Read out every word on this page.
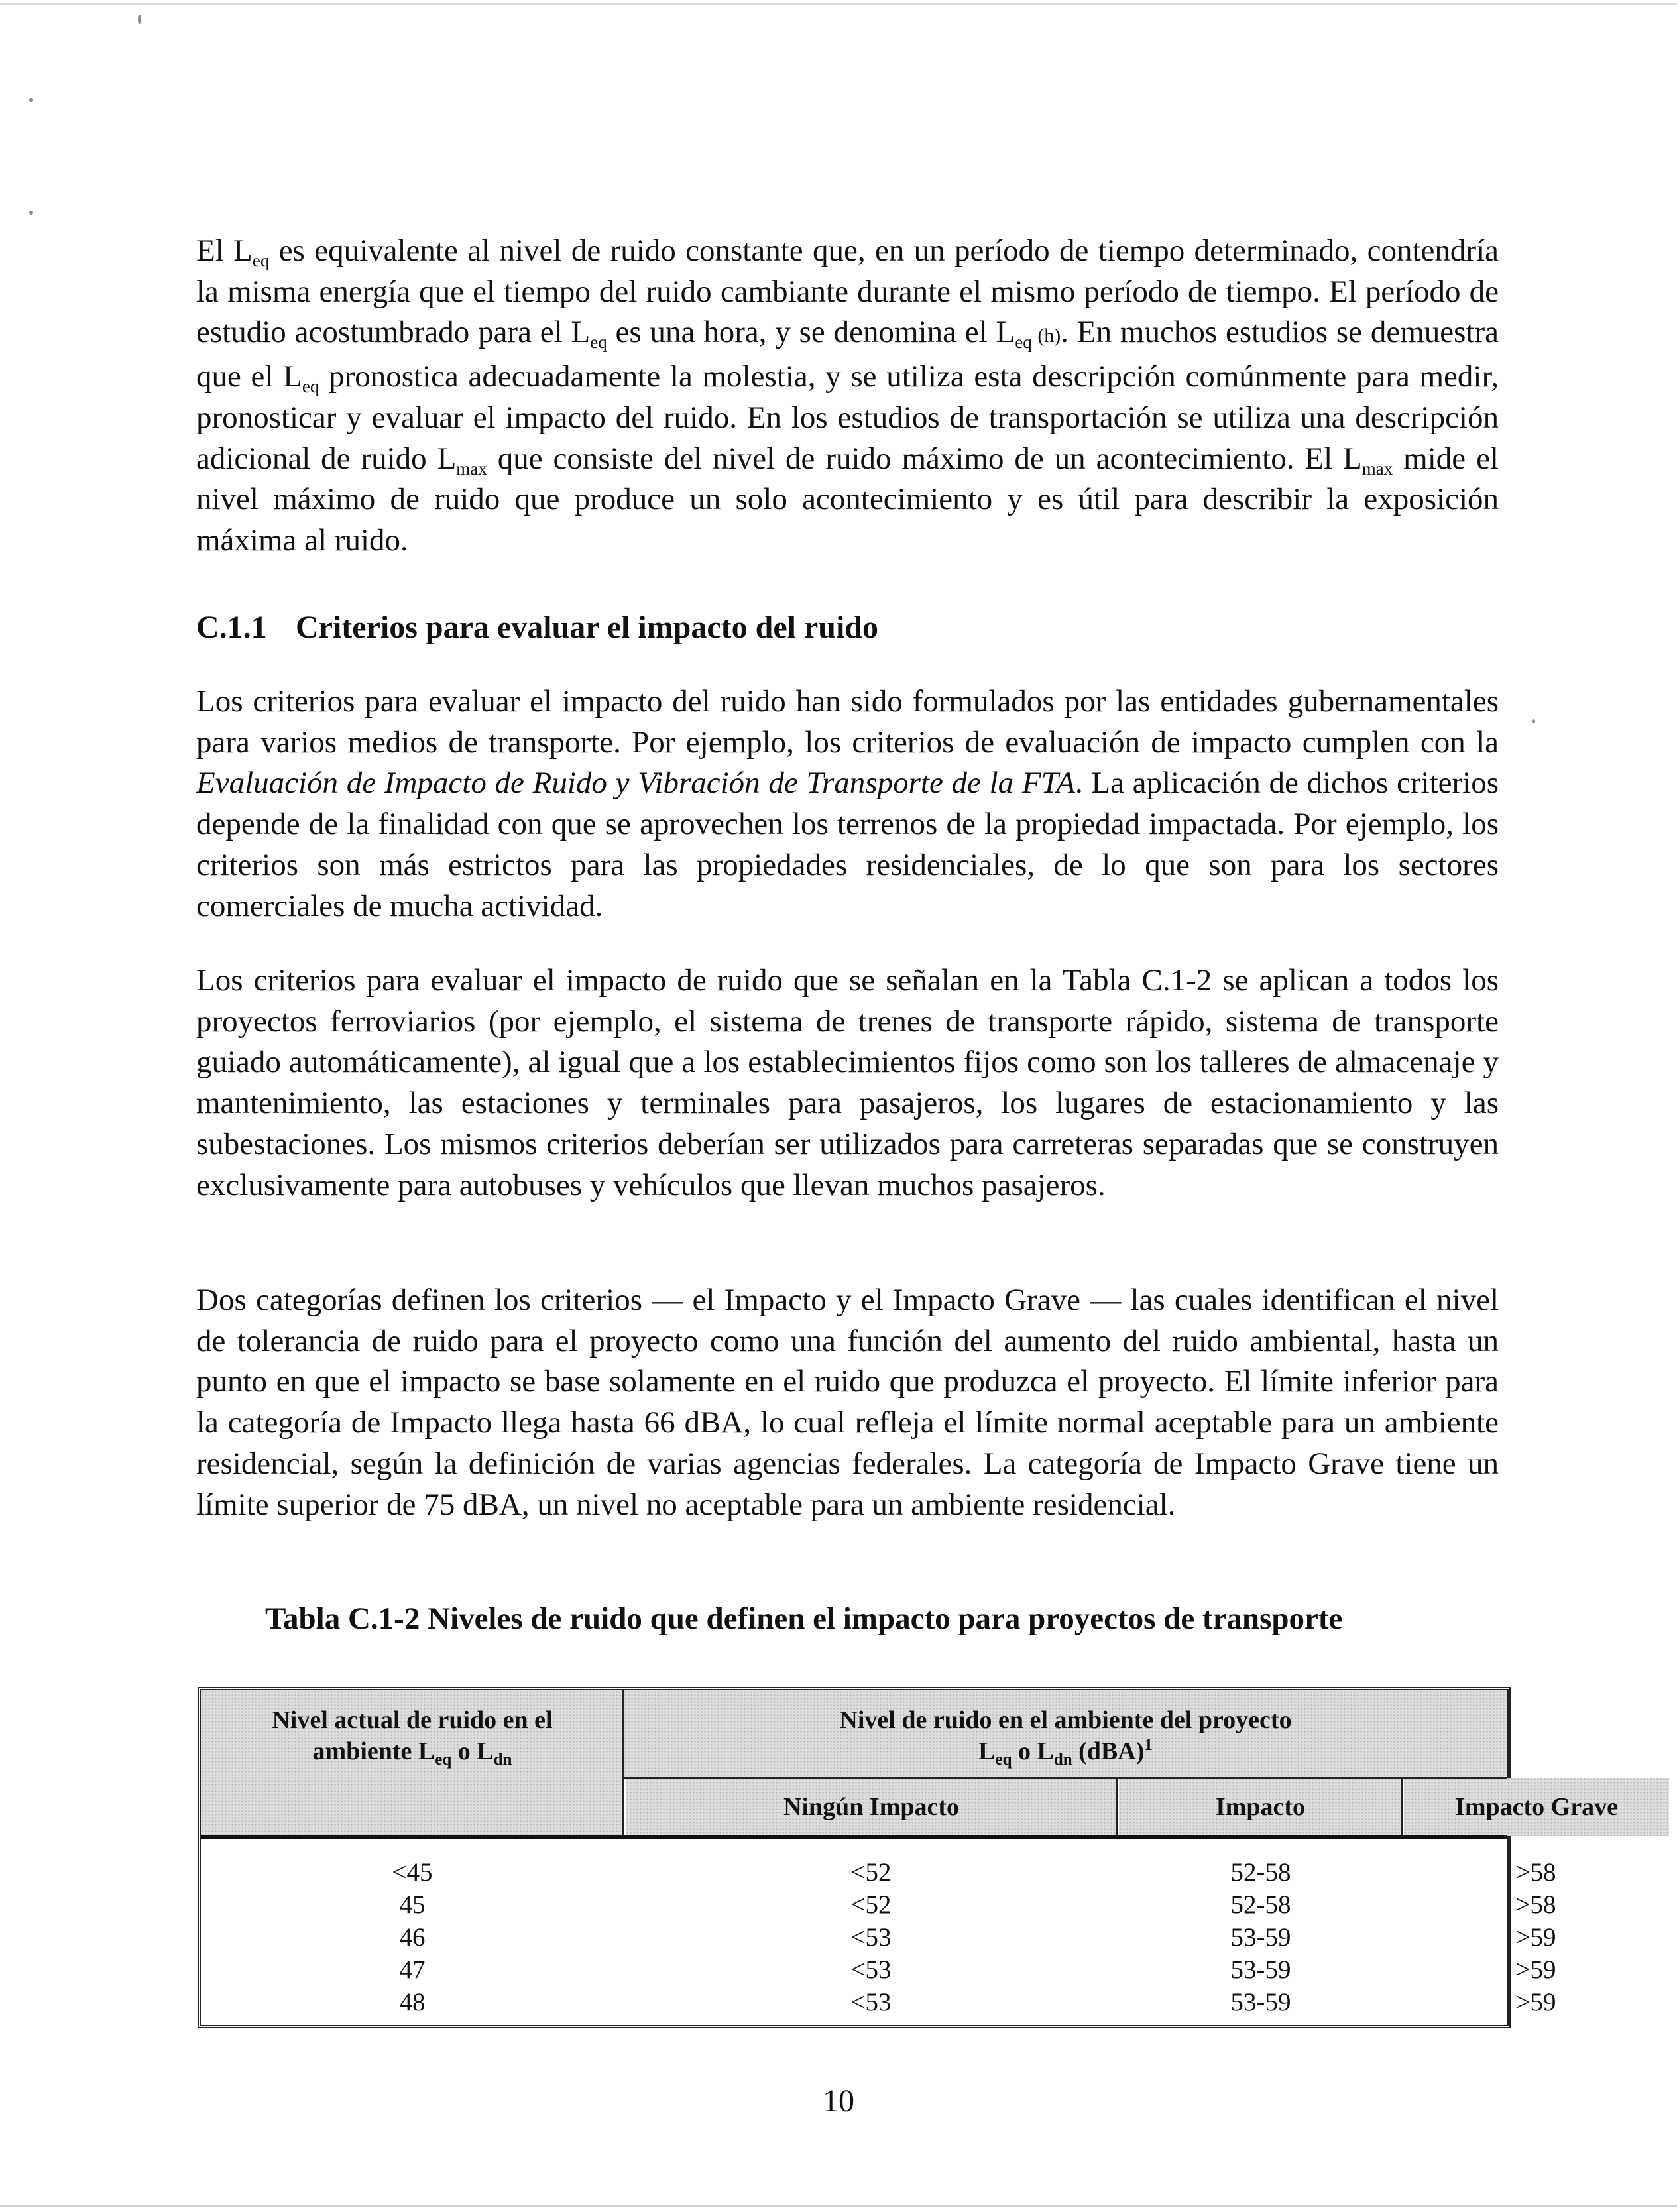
El $L_{eq}$ es equivalente al nivel de ruido constante que, en un período de tiempo determinado, contendría la misma energía que el tiempo del ruido cambiante durante el mismo período de tiempo. El período de estudio acostumbrado para el $L_{eq}$ es una hora, y se denomina el $L_{eq}$ (h). En muchos estudios se demuestra que el $L_{eq}$ pronostica adecuadamente la molestia, y se utiliza esta descripción comúnmente para medir, pronosticar y evaluar el impacto del ruido. En los estudios de transportación se utiliza una descripción adicional de ruido $L_{max}$ que consiste del nivel de ruido máximo de un acontecimiento. El $L_{max}$ mide el nivel máximo de ruido que produce un solo acontecimiento y es útil para describir la exposición máxima al ruido.

C.1.1 Criterios para evaluar el impacto del ruido

Los criterios para evaluar el impacto del ruido han sido formulados por las entidades gubernamentales para varios medios de transporte. Por ejemplo, los criterios de evaluación de impacto cumplen con la Evaluación de Impacto de Ruido y Vibración de Transporte de la FTA. La aplicación de dichos criterios depende de la finalidad con que se aprovechen los terrenos de la propiedad impactada. Por ejemplo, los criterios son más estrictos para las propiedades residenciales, de lo que son para los sectores comerciales de mucha actividad.

Los criterios para evaluar el impacto de ruido que se señalan en la Tabla C.1-2 se aplican a todos los proyectos ferroviarios (por ejemplo, el sistema de trenes de transporte rápido, sistema de transporte guiado automáticamente), al igual que a los establecimientos fijos como son los talleres de almacenaje y mantenimiento, las estaciones y terminales para pasajeros, los lugares de estacionamiento y las subestaciones. Los mismos criterios deberían ser utilizados para carreteras separadas que se construyen exclusivamente para autobuses y vehículos que llevan muchos pasajeros.

Dos categorías definen los criterios — el Impacto y el Impacto Grave — las cuales identifican el nivel de tolerancia de ruido para el proyecto como una función del aumento del ruido ambiental, hasta un punto en que el impacto se base solamente en el ruido que produzca el proyecto. El límite inferior para la categoría de Impacto llega hasta 66 dBA, lo cual refleja el límite normal aceptable para un ambiente residencial, según la definición de varias agencias federales. La categoría de Impacto Grave tiene un límite superior de 75 dBA, un nivel no aceptable para un ambiente residencial.

Tabla C.1-2 Niveles de ruido que definen el impacto para proyectos de transporte

Nivel actual de ruido en el
ambiente $L_{eq}$ o $L_{dn}$
Nivel de ruido en el ambiente del proyecto
$L_{eq}$ o $L_{dn}$ (dBA)$^1$
Ningún Impacto	Impacto	Impacto Grave
<45	<52	52-58	>58
45	<52	52-58	>58
46	<53	53-59	>59
47	<53	53-59	>59
48	<53	53-59	>59
10
